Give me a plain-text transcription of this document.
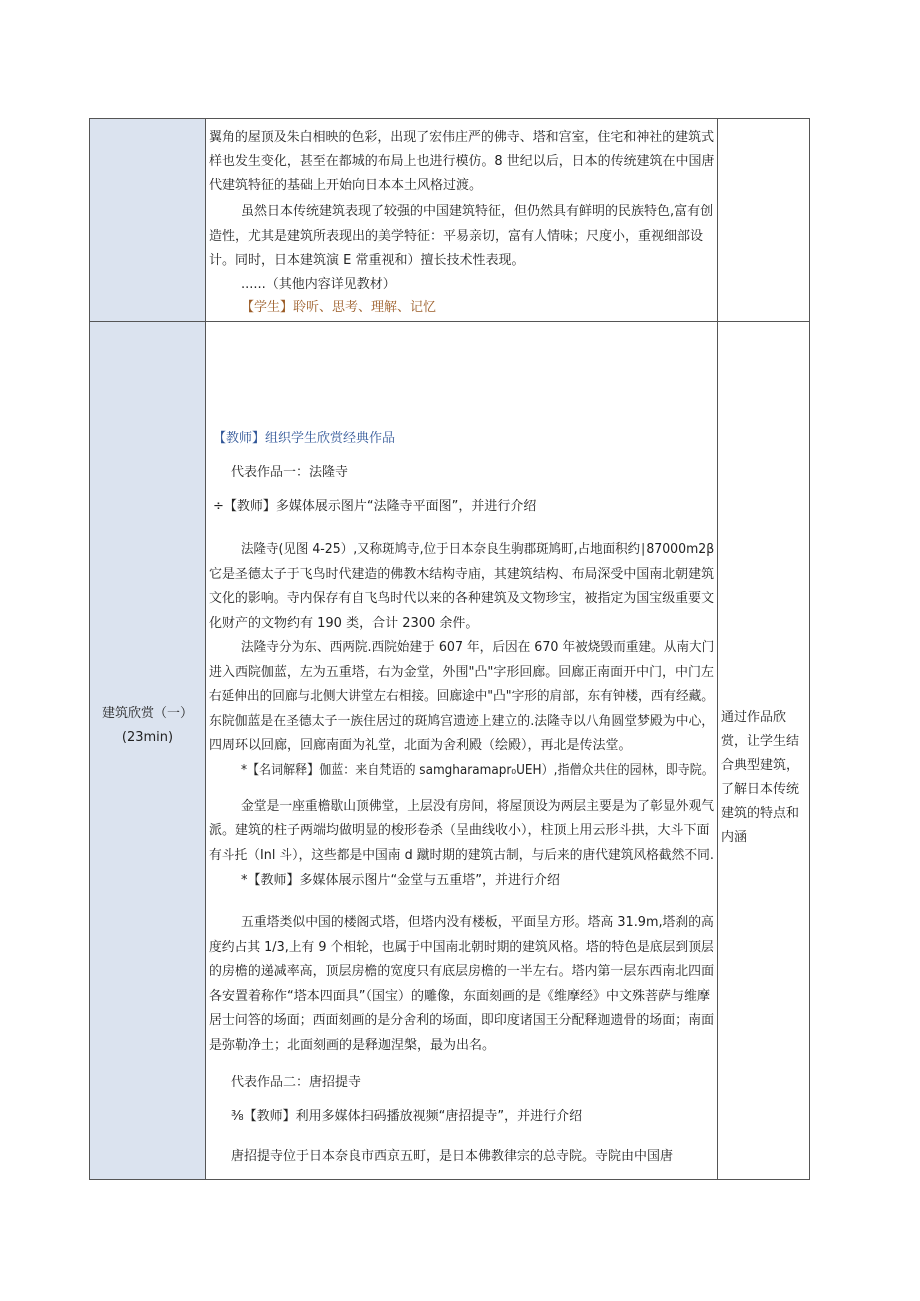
翼角的屋顶及朱白相映的色彩，出现了宏伟庄严的佛寺、塔和宫室，住宅和神社的建筑式

样也发生变化，甚至在都城的布局上也进行模仿。8 世纪以后，日本的传统建筑在中国唐

代建筑特征的基础上开始向日本本土风格过渡。

虽然日本传统建筑表现了较强的中国建筑特征，但仍然具有鲜明的民族特色,富有创

造性，尤其是建筑所表现出的美学特征：平易亲切，富有人情味；尺度小，重视细部设

计。同时，日本建筑演 E 常重视和）擅长技术性表现。

......（其他内容详见教材）

【学生】聆听、思考、理解、记忆

建筑欣赏（一）
(23min)
通过作品欣赏，让学生结合典型建筑，了解日本传统建筑的特点和内涵

【教师】组织学生欣赏经典作品

代表作品一：法隆寺

÷【教师】多媒体展示图片“法隆寺平面图”，并进行介绍

法隆寺(见图 4-25）,又称斑鸠寺,位于日本奈良生驹郡斑鸠町,占地面积约∣87000m2β

它是圣德太子于飞鸟时代建造的佛教木结构寺庙，其建筑结构、布局深受中国南北朝建筑

文化的影响。寺内保存有自飞鸟时代以来的各种建筑及文物珍宝，被指定为国宝级重要文

化财产的文物约有 190 类，合计 2300 余件。

法隆寺分为东、西两院.西院始建于 607 年，后因在 670 年被烧毁而重建。从南大门

进入西院伽蓝，左为五重塔，右为金堂，外围"凸"字形回廊。回廊正南面开中门，中门左

右延伸出的回廊与北侧大讲堂左右相接。回廊途中"凸"字形的肩部，东有钟楼，西有经藏。

东院伽蓝是在圣德太子一族住居过的斑鸠宫遗迹上建立的.法隆寺以八角圆堂梦殿为中心，

四周环以回廊，回廊南面为礼堂，北面为舍利殿（绘殿），再北是传法堂。

*【名词解释】伽蓝：来自梵语的 samgharamapr₀UEH）,指僧众共住的园林，即寺院。

金堂是一座重檐歇山顶佛堂，上层没有房间，将屋顶设为两层主要是为了彰显外观气

派。建筑的柱子两端均做明显的梭形卷杀（呈曲线收小），柱顶上用云形斗拱，大斗下面

有斗托（Inl 斗），这些都是中国南 d 蹴时期的建筑古制，与后来的唐代建筑风格截然不同.

*【教师】多媒体展示图片“金堂与五重塔”，并进行介绍

五重塔类似中国的楼阁式塔，但塔内没有楼板，平面呈方形。塔高 31.9m,塔刹的高

度约占其 1/3,上有 9 个相轮，也属于中国南北朝时期的建筑风格。塔的特色是底层到顶层

的房檐的递减率高，顶层房檐的宽度只有底层房檐的一半左右。塔内第一层东西南北四面

各安置着称作“塔本四面具”（国宝）的雕像，东面刻画的是《维摩经》中文殊菩萨与维摩

居士问答的场面；西面刻画的是分舍利的场面，即印度诸国王分配释迦遗骨的场面；南面

是弥勒净土；北面刻画的是释迦涅槃，最为出名。

代表作品二：唐招提寺

⅜【教师】利用多媒体扫码播放视频“唐招提寺”，并进行介绍

唐招提寺位于日本奈良市西京五町，是日本佛教律宗的总寺院。寺院由中国唐
